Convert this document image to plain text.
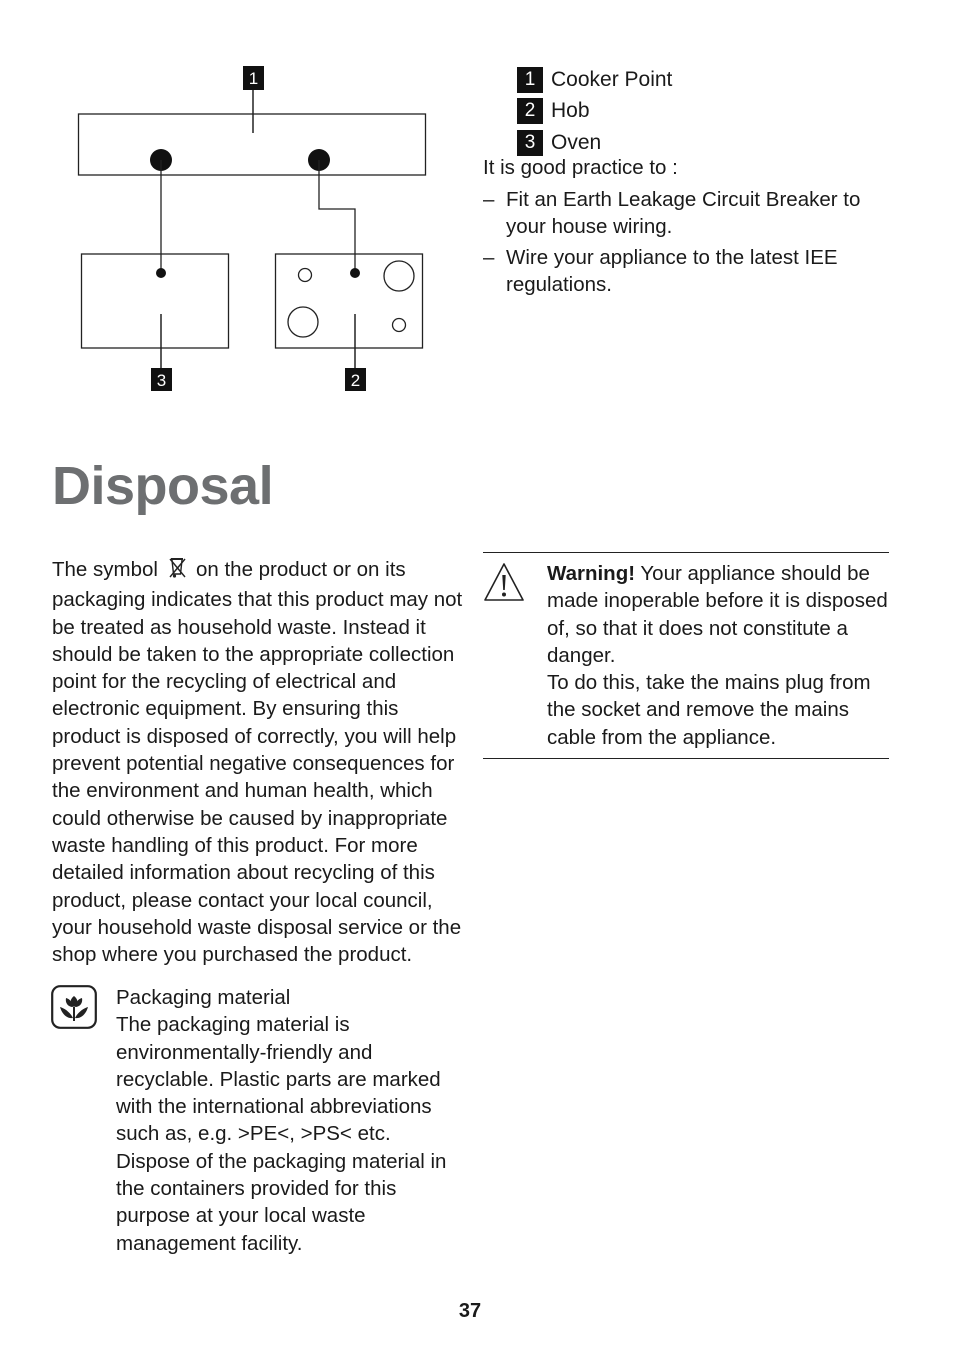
1
3	2
1 Cooker Point
2 Hob
3 Oven
It is good practice to :
– Fit an Earth Leakage Circuit Breaker to your house wiring.
– Wire your appliance to the latest IEE regulations.
Disposal

The symbol on the product or on its packaging indicates that this product may not be treated as household waste. Instead it should be taken to the appropriate collection point for the recycling of electrical and electronic equipment. By ensuring this product is disposed of correctly, you will help prevent potential negative consequences for the environment and human health, which could otherwise be caused by inappropriate waste handling of this product. For more detailed information about recycling of this product, please contact your local council, your household waste disposal service or the shop where you purchased the product.

Packaging material
The packaging material is environmentally-friendly and recyclable. Plastic parts are marked with the international abbreviations such as, e.g. >PE<, >PS< etc. Dispose of the packaging material in the containers provided for this purpose at your local waste management facility.
Warning! Your appliance should be made inoperable before it is disposed of, so that it does not constitute a danger.
To do this, take the mains plug from the socket and remove the mains cable from the appliance.
37
